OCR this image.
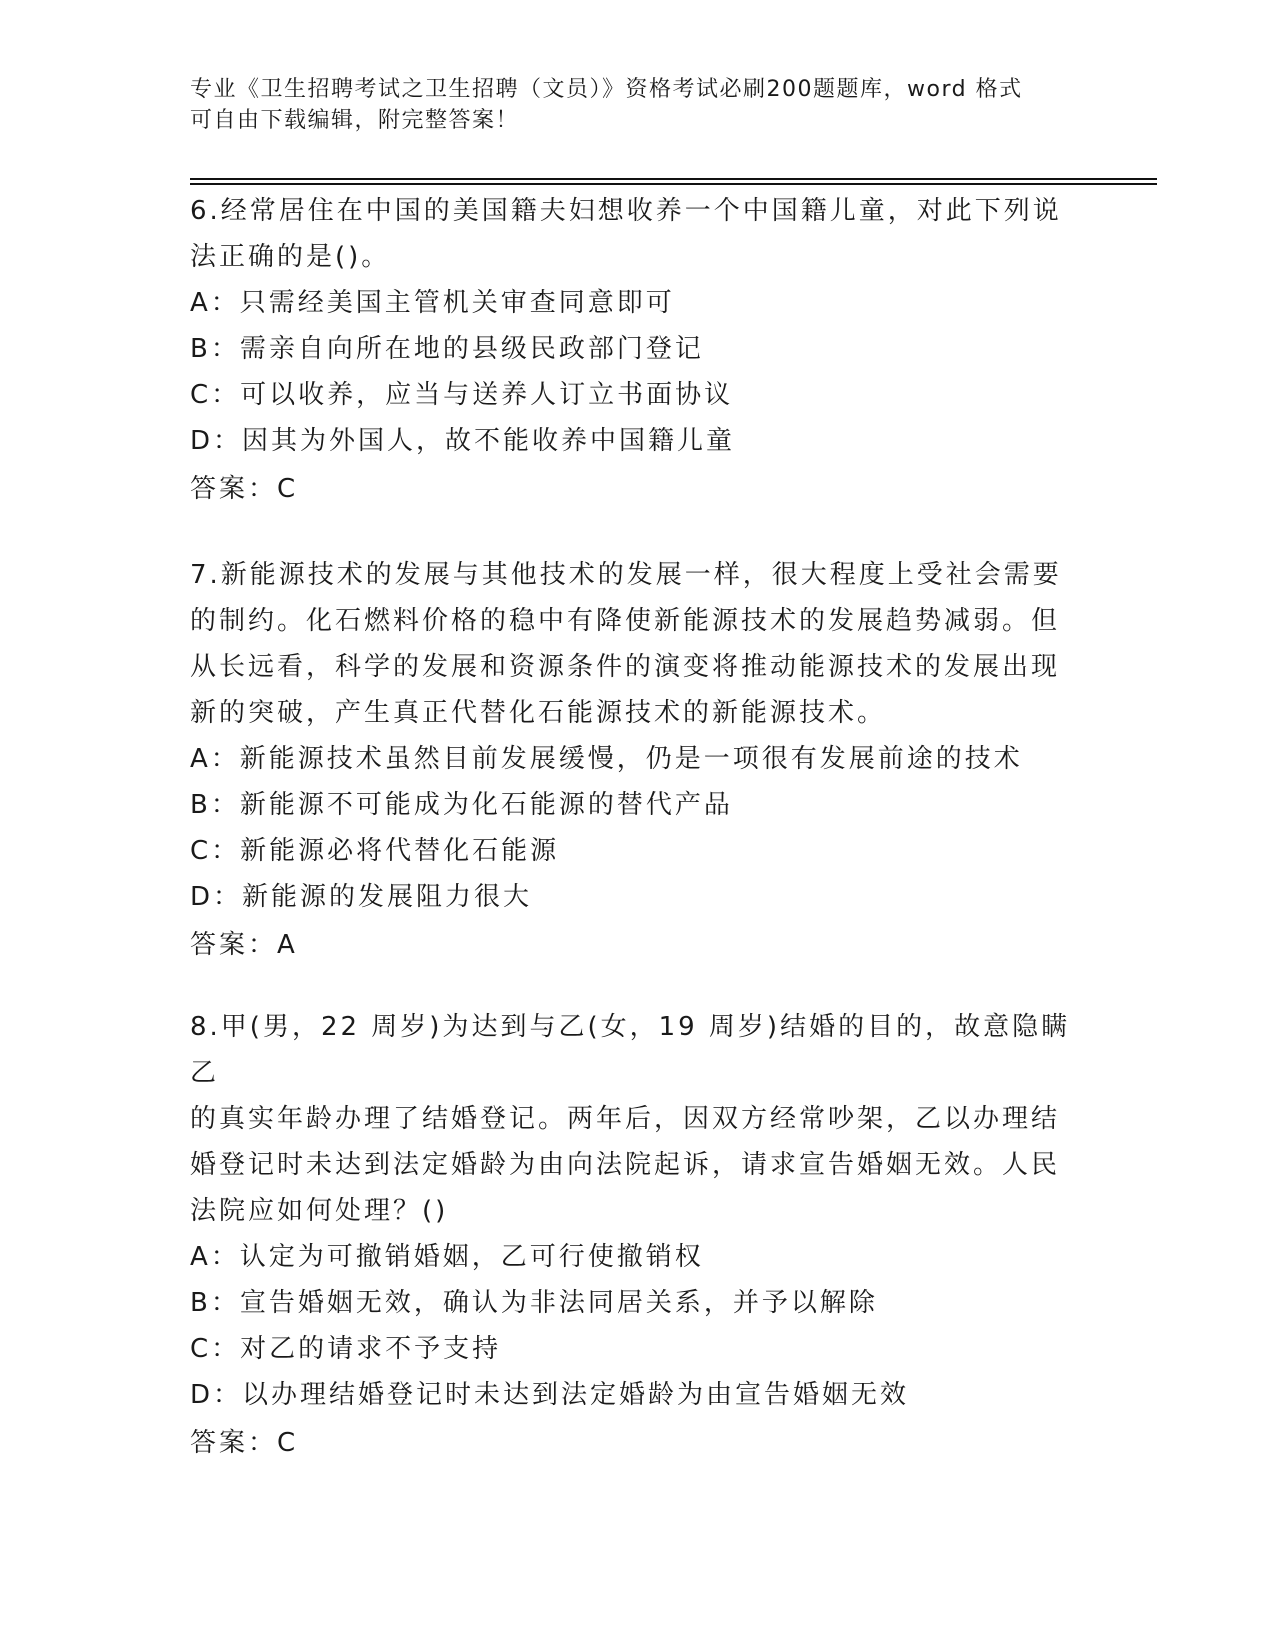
专业《卫生招聘考试之卫生招聘（文员）》资格考试必刷200题题库，word 格式
可自由下载编辑，附完整答案！
6.经常居住在中国的美国籍夫妇想收养一个中国籍儿童，对此下列说
法正确的是()。
A：只需经美国主管机关审查同意即可
B：需亲自向所在地的县级民政部门登记
C：可以收养，应当与送养人订立书面协议
D：因其为外国人，故不能收养中国籍儿童
答案：C
7.新能源技术的发展与其他技术的发展一样，很大程度上受社会需要
的制约。化石燃料价格的稳中有降使新能源技术的发展趋势减弱。但
从长远看，科学的发展和资源条件的演变将推动能源技术的发展出现
新的突破，产生真正代替化石能源技术的新能源技术。
A：新能源技术虽然目前发展缓慢，仍是一项很有发展前途的技术
B：新能源不可能成为化石能源的替代产品
C：新能源必将代替化石能源
D：新能源的发展阻力很大
答案：A
8.甲(男，22 周岁)为达到与乙(女，19 周岁)结婚的目的，故意隐瞒乙
的真实年龄办理了结婚登记。两年后，因双方经常吵架，乙以办理结
婚登记时未达到法定婚龄为由向法院起诉，请求宣告婚姻无效。人民
法院应如何处理？()
A：认定为可撤销婚姻，乙可行使撤销权
B：宣告婚姻无效，确认为非法同居关系，并予以解除
C：对乙的请求不予支持
D：以办理结婚登记时未达到法定婚龄为由宣告婚姻无效
答案：C
